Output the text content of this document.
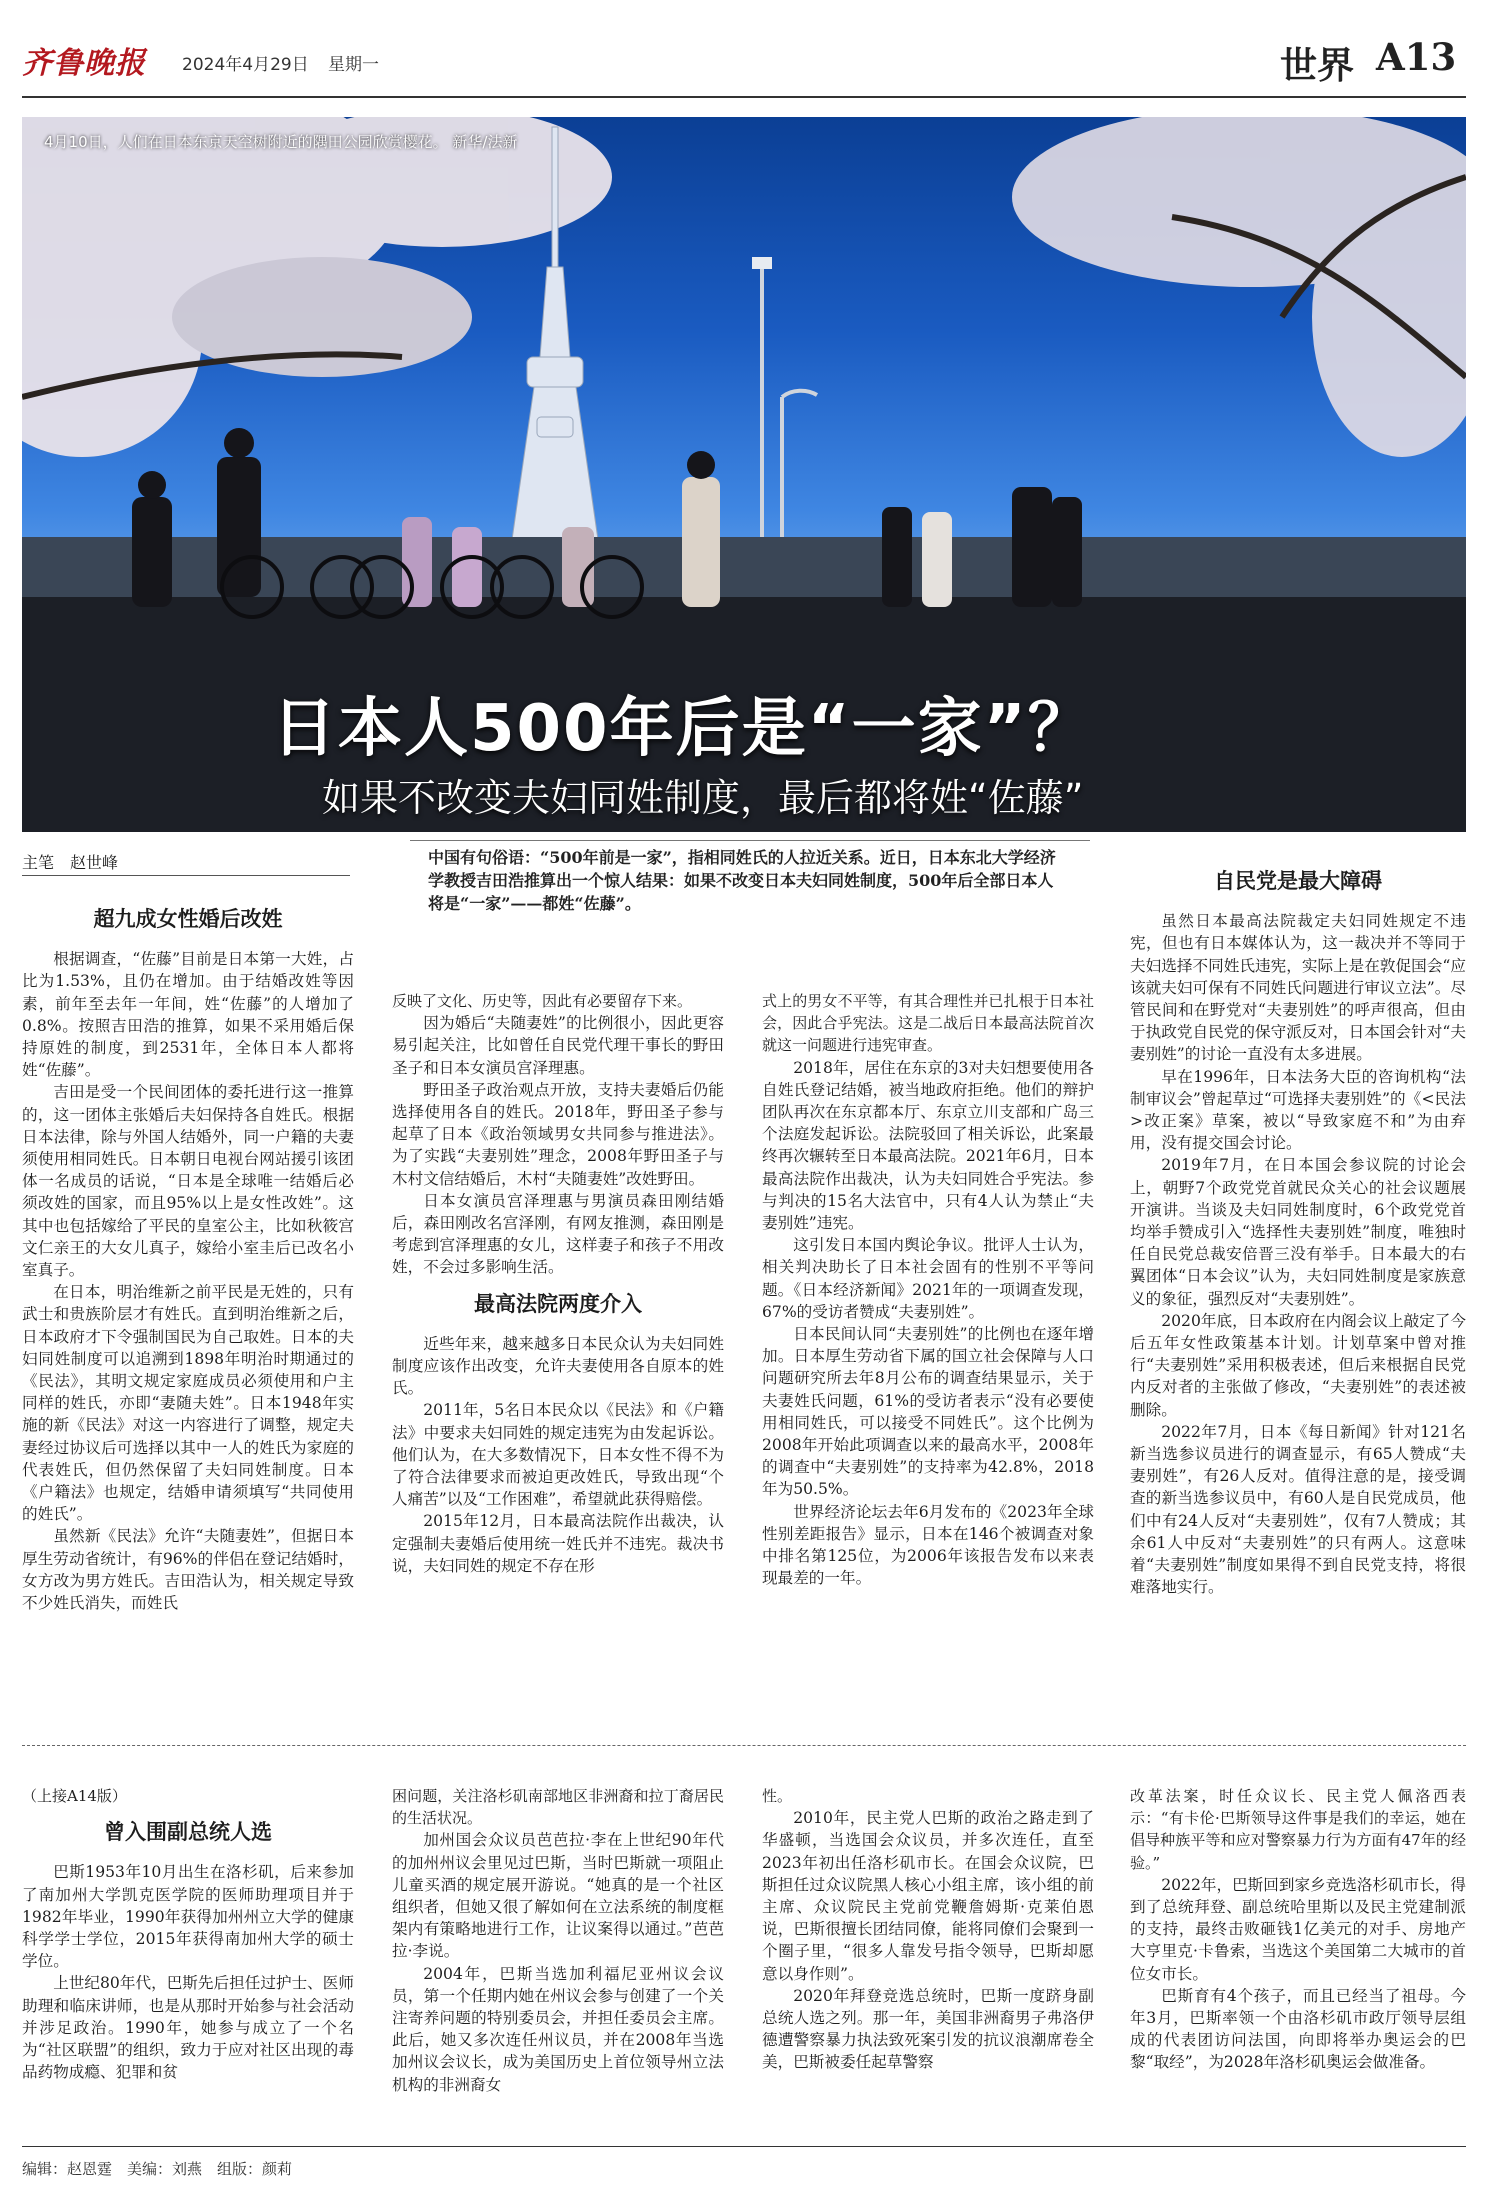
齐鲁晚报 2024年4月29日 星期一	世界 A13
4月10日，人们在日本东京天空树附近的隅田公园欣赏樱花。 新华/法新
日本人500年后是“一家”？
如果不改变夫妇同姓制度，最后都将姓“佐藤”
主笔　赵世峰	中国有句俗语：“500年前是一家”，指相同姓氏的人拉近关系。近日，日本东北大学经济学教授吉田浩推算出一个惊人结果：如果不改变日本夫妇同姓制度，500年后全部日本人将是“一家”——都姓“佐藤”。
超九成女性婚后改姓

根据调查，“佐藤”目前是日本第一大姓，占比为1.53%，且仍在增加。由于结婚改姓等因素，前年至去年一年间，姓“佐藤”的人增加了0.8%。按照吉田浩的推算，如果不采用婚后保持原姓的制度，到2531年，全体日本人都将姓“佐藤”。

吉田是受一个民间团体的委托进行这一推算的，这一团体主张婚后夫妇保持各自姓氏。根据日本法律，除与外国人结婚外，同一户籍的夫妻须使用相同姓氏。日本朝日电视台网站援引该团体一名成员的话说，“日本是全球唯一结婚后必须改姓的国家，而且95%以上是女性改姓”。这其中也包括嫁给了平民的皇室公主，比如秋筱宫文仁亲王的大女儿真子，嫁给小室圭后已改名小室真子。

在日本，明治维新之前平民是无姓的，只有武士和贵族阶层才有姓氏。直到明治维新之后，日本政府才下令强制国民为自己取姓。日本的夫妇同姓制度可以追溯到1898年明治时期通过的《民法》，其明文规定家庭成员必须使用和户主同样的姓氏，亦即“妻随夫姓”。日本1948年实施的新《民法》对这一内容进行了调整，规定夫妻经过协议后可选择以其中一人的姓氏为家庭的代表姓氏，但仍然保留了夫妇同姓制度。日本《户籍法》也规定，结婚申请须填写“共同使用的姓氏”。

虽然新《民法》允许“夫随妻姓”，但据日本厚生劳动省统计，有96%的伴侣在登记结婚时，女方改为男方姓氏。吉田浩认为，相关规定导致不少姓氏消失，而姓氏

反映了文化、历史等，因此有必要留存下来。

因为婚后“夫随妻姓”的比例很小，因此更容易引起关注，比如曾任自民党代理干事长的野田圣子和日本女演员宫泽理惠。

野田圣子政治观点开放，支持夫妻婚后仍能选择使用各自的姓氏。2018年，野田圣子参与起草了日本《政治领域男女共同参与推进法》。为了实践“夫妻别姓”理念，2008年野田圣子与木村文信结婚后，木村“夫随妻姓”改姓野田。

日本女演员宫泽理惠与男演员森田刚结婚后，森田刚改名宫泽刚，有网友推测，森田刚是考虑到宫泽理惠的女儿，这样妻子和孩子不用改姓，不会过多影响生活。

最高法院两度介入

近些年来，越来越多日本民众认为夫妇同姓制度应该作出改变，允许夫妻使用各自原本的姓氏。

2011年，5名日本民众以《民法》和《户籍法》中要求夫妇同姓的规定违宪为由发起诉讼。他们认为，在大多数情况下，日本女性不得不为了符合法律要求而被迫更改姓氏，导致出现“个人痛苦”以及“工作困难”，希望就此获得赔偿。

2015年12月，日本最高法院作出裁决，认定强制夫妻婚后使用统一姓氏并不违宪。裁决书说，夫妇同姓的规定不存在形

式上的男女不平等，有其合理性并已扎根于日本社会，因此合乎宪法。这是二战后日本最高法院首次就这一问题进行违宪审查。

2018年，居住在东京的3对夫妇想要使用各自姓氏登记结婚，被当地政府拒绝。他们的辩护团队再次在东京都本厅、东京立川支部和广岛三个法庭发起诉讼。法院驳回了相关诉讼，此案最终再次辗转至日本最高法院。2021年6月，日本最高法院作出裁决，认为夫妇同姓合乎宪法。参与判决的15名大法官中，只有4人认为禁止“夫妻别姓”违宪。

这引发日本国内舆论争议。批评人士认为，相关判决助长了日本社会固有的性别不平等问题。《日本经济新闻》2021年的一项调查发现，67%的受访者赞成“夫妻别姓”。

日本民间认同“夫妻别姓”的比例也在逐年增加。日本厚生劳动省下属的国立社会保障与人口问题研究所去年8月公布的调查结果显示，关于夫妻姓氏问题，61%的受访者表示“没有必要使用相同姓氏，可以接受不同姓氏”。这个比例为2008年开始此项调查以来的最高水平，2008年的调查中“夫妻别姓”的支持率为42.8%，2018年为50.5%。

世界经济论坛去年6月发布的《2023年全球性别差距报告》显示，日本在146个被调查对象中排名第125位，为2006年该报告发布以来表现最差的一年。

自民党是最大障碍

虽然日本最高法院裁定夫妇同姓规定不违宪，但也有日本媒体认为，这一裁决并不等同于夫妇选择不同姓氏违宪，实际上是在敦促国会“应该就夫妇可保有不同姓氏问题进行审议立法”。尽管民间和在野党对“夫妻别姓”的呼声很高，但由于执政党自民党的保守派反对，日本国会针对“夫妻别姓”的讨论一直没有太多进展。

早在1996年，日本法务大臣的咨询机构“法制审议会”曾起草过“可选择夫妻别姓”的《<民法>改正案》草案，被以“导致家庭不和”为由弃用，没有提交国会讨论。

2019年7月，在日本国会参议院的讨论会上，朝野7个政党党首就民众关心的社会议题展开演讲。当谈及夫妇同姓制度时，6个政党党首均举手赞成引入“选择性夫妻别姓”制度，唯独时任自民党总裁安倍晋三没有举手。日本最大的右翼团体“日本会议”认为，夫妇同姓制度是家族意义的象征，强烈反对“夫妻别姓”。

2020年底，日本政府在内阁会议上敲定了今后五年女性政策基本计划。计划草案中曾对推行“夫妻别姓”采用积极表述，但后来根据自民党内反对者的主张做了修改，“夫妻别姓”的表述被删除。

2022年7月，日本《每日新闻》针对121名新当选参议员进行的调查显示，有65人赞成“夫妻别姓”，有26人反对。值得注意的是，接受调查的新当选参议员中，有60人是自民党成员，他们中有24人反对“夫妻别姓”，仅有7人赞成；其余61人中反对“夫妻别姓”的只有两人。这意味着“夫妻别姓”制度如果得不到自民党支持，将很难落地实行。

（上接A14版）

曾入围副总统人选

巴斯1953年10月出生在洛杉矶，后来参加了南加州大学凯克医学院的医师助理项目并于1982年毕业，1990年获得加州州立大学的健康科学学士学位，2015年获得南加州大学的硕士学位。

上世纪80年代，巴斯先后担任过护士、医师助理和临床讲师，也是从那时开始参与社会活动并涉足政治。1990年，她参与成立了一个名为“社区联盟”的组织，致力于应对社区出现的毒品药物成瘾、犯罪和贫

困问题，关注洛杉矶南部地区非洲裔和拉丁裔居民的生活状况。

加州国会众议员芭芭拉·李在上世纪90年代的加州州议会里见过巴斯，当时巴斯就一项阻止儿童买酒的规定展开游说。“她真的是一个社区组织者，但她又很了解如何在立法系统的制度框架内有策略地进行工作，让议案得以通过。”芭芭拉·李说。

2004年，巴斯当选加利福尼亚州议会议员，第一个任期内她在州议会参与创建了一个关注寄养问题的特别委员会，并担任委员会主席。此后，她又多次连任州议员，并在2008年当选加州议会议长，成为美国历史上首位领导州立法机构的非洲裔女

性。

2010年，民主党人巴斯的政治之路走到了华盛顿，当选国会众议员，并多次连任，直至2023年初出任洛杉矶市长。在国会众议院，巴斯担任过众议院黑人核心小组主席，该小组的前主席、众议院民主党前党鞭詹姆斯·克莱伯恩说，巴斯很擅长团结同僚，能将同僚们会聚到一个圈子里，“很多人靠发号指令领导，巴斯却愿意以身作则”。

2020年拜登竞选总统时，巴斯一度跻身副总统人选之列。那一年，美国非洲裔男子弗洛伊德遭警察暴力执法致死案引发的抗议浪潮席卷全美，巴斯被委任起草警察

改革法案，时任众议长、民主党人佩洛西表示：“有卡伦·巴斯领导这件事是我们的幸运，她在倡导种族平等和应对警察暴力行为方面有47年的经验。”

2022年，巴斯回到家乡竞选洛杉矶市长，得到了总统拜登、副总统哈里斯以及民主党建制派的支持，最终击败砸钱1亿美元的对手、房地产大亨里克·卡鲁索，当选这个美国第二大城市的首位女市长。

巴斯育有4个孩子，而且已经当了祖母。今年3月，巴斯率领一个由洛杉矶市政厅领导层组成的代表团访问法国，向即将举办奥运会的巴黎“取经”，为2028年洛杉矶奥运会做准备。

编辑：赵恩霆　美编：刘燕　组版：颜莉
